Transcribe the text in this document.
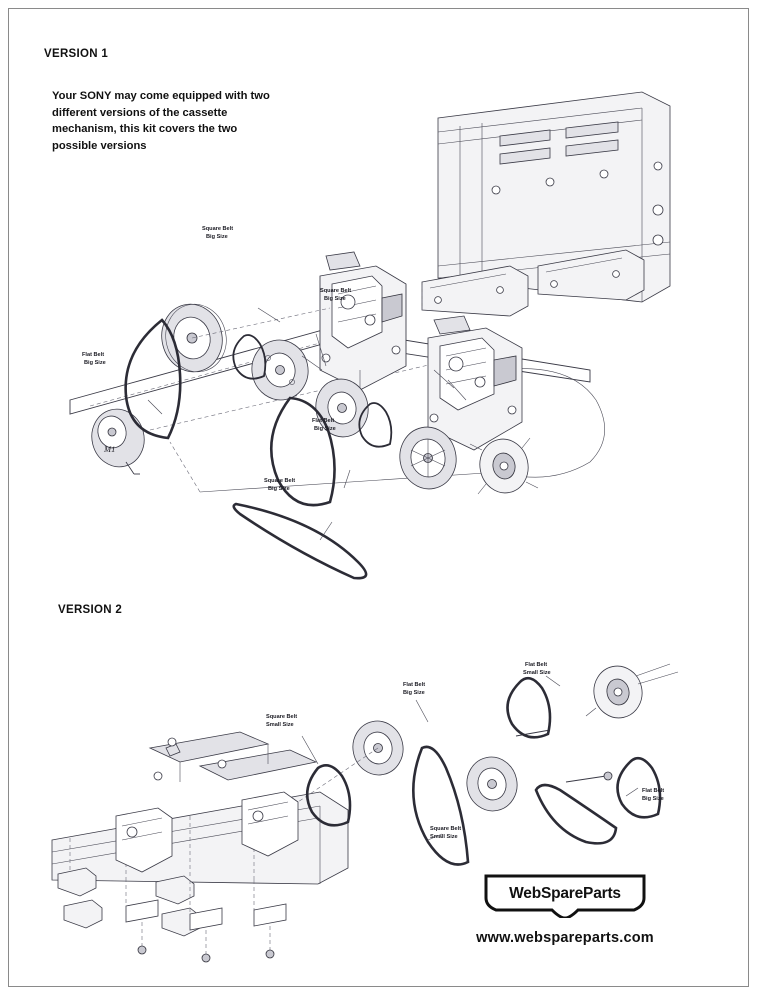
VERSION 1
Your SONY may come equipped with two different versions of the cassette mechanism, this kit covers the two possible versions
Square Belt
Big Size
Square Belt
Big Size
Flat Belt
Big Size
Flat Belt
Big Size
Square Belt
Big Size
M1
VERSION 2
Flat Belt
Small Size
Flat Belt
Big Size
Square Belt
Small Size
Flat Belt
Big Size
Square Belt
Small Size
WebSpareParts
www.webspareparts.com
